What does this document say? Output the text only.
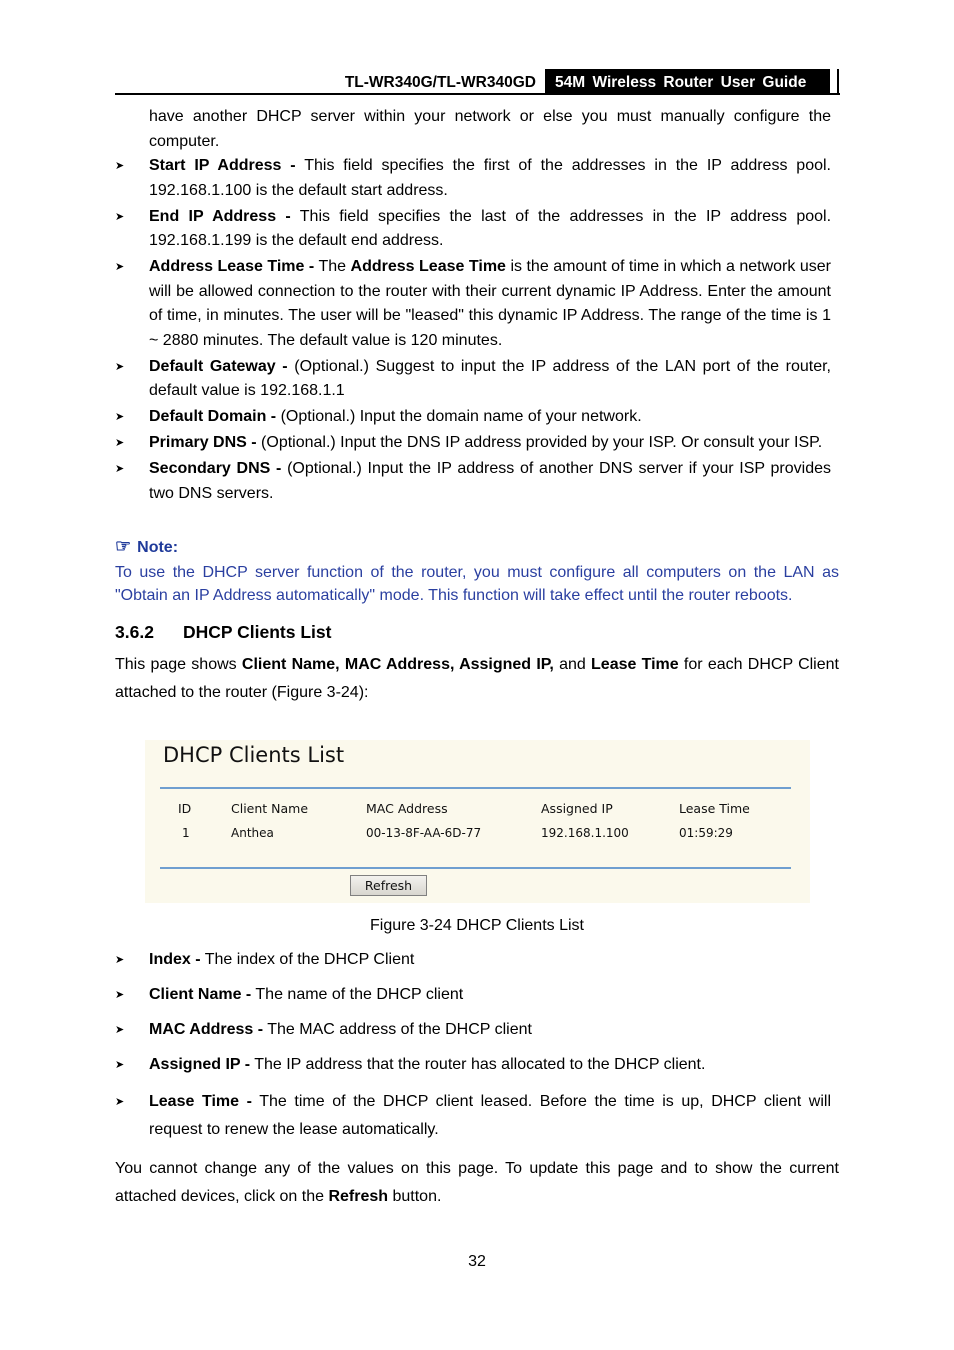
TL-WR340G/TL-WR340GD	54M Wireless Router User Guide

have another DHCP server within your network or else you must manually configure the computer.

➤ Start IP Address - This field specifies the first of the addresses in the IP address pool. 192.168.1.100 is the default start address.
➤ End IP Address - This field specifies the last of the addresses in the IP address pool. 192.168.1.199 is the default end address.
➤ Address Lease Time - The Address Lease Time is the amount of time in which a network user will be allowed connection to the router with their current dynamic IP Address. Enter the amount of time, in minutes. The user will be "leased" this dynamic IP Address. The range of the time is 1 ~ 2880 minutes. The default value is 120 minutes.
➤ Default Gateway - (Optional.) Suggest to input the IP address of the LAN port of the router, default value is 192.168.1.1
➤ Default Domain - (Optional.) Input the domain name of your network.
➤ Primary DNS - (Optional.) Input the DNS IP address provided by your ISP. Or consult your ISP.
➤ Secondary DNS - (Optional.) Input the IP address of another DNS server if your ISP provides two DNS servers.
☞ Note:
To use the DHCP server function of the router, you must configure all computers on the LAN as "Obtain an IP Address automatically" mode. This function will take effect until the router reboots.
3.6.2 DHCP Clients List
This page shows Client Name, MAC Address, Assigned IP, and Lease Time for each DHCP Client attached to the router (Figure 3-24):
DHCP Clients List
ID	Client Name	MAC Address	Assigned IP	Lease Time
1	Anthea	00-13-8F-AA-6D-77	192.168.1.100	01:59:29
Refresh
Figure 3-24 DHCP Clients List
➤ Index - The index of the DHCP Client
➤ Client Name - The name of the DHCP client
➤ MAC Address - The MAC address of the DHCP client
➤ Assigned IP - The IP address that the router has allocated to the DHCP client.
➤ Lease Time - The time of the DHCP client leased. Before the time is up, DHCP client will request to renew the lease automatically.
You cannot change any of the values on this page. To update this page and to show the current attached devices, click on the Refresh button.
32
